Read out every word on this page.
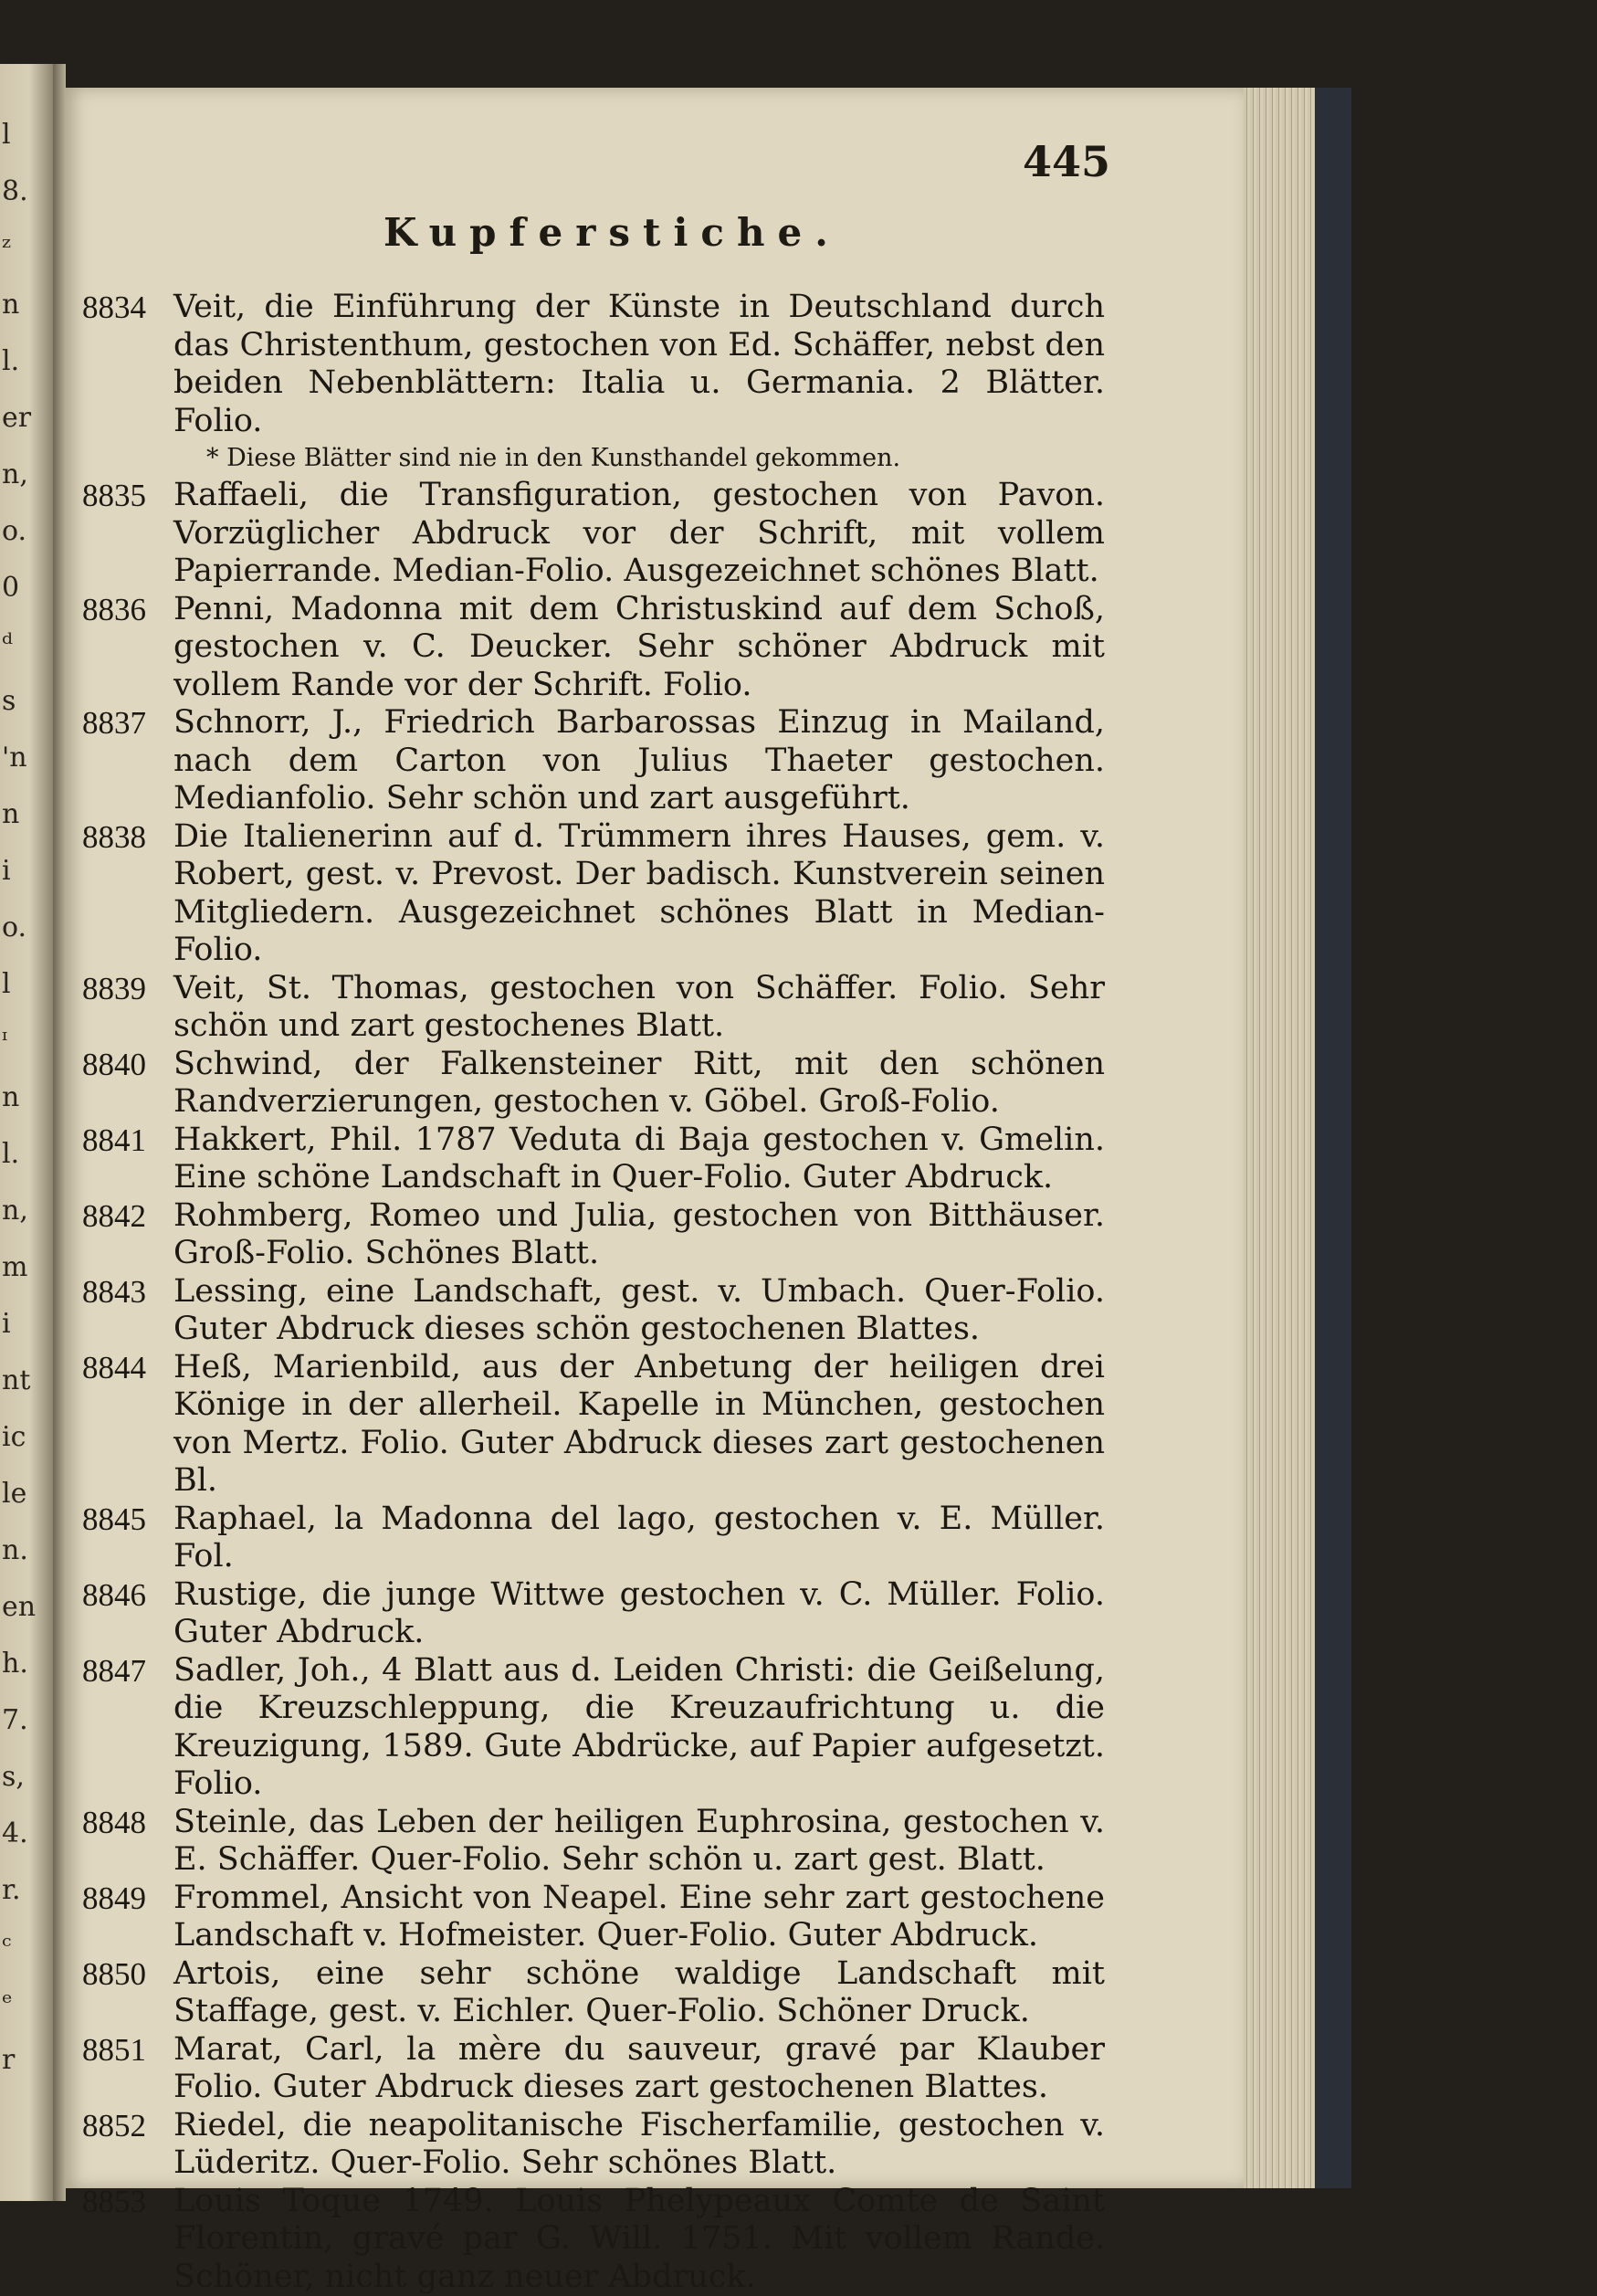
l
8.
ᶻ
n
l.
er
n,
o.
0
ᵈ
s
'n
n
i
o.
l
ᶦ
n
l.
n,
m
i
nt
ic
le
n.
en
h.
7.
s,
4.
r.
ᶜ
ᵉ
r
445
Kupferstiche.
8834 Veit, die Einführung der Künste in Deutschland durch das Christenthum, gestochen von Ed. Schäffer, nebst den beiden Nebenblättern: Italia u. Germania. 2 Blätter. Folio.
* Diese Blätter sind nie in den Kunsthandel gekommen.
8835 Raffaeli, die Transfiguration, gestochen von Pavon. Vorzüglicher Abdruck vor der Schrift, mit vollem Papierrande. Median-Folio. Ausgezeichnet schönes Blatt.
8836 Penni, Madonna mit dem Christuskind auf dem Schoß, gestochen v. C. Deucker. Sehr schöner Abdruck mit vollem Rande vor der Schrift. Folio.
8837 Schnorr, J., Friedrich Barbarossas Einzug in Mailand, nach dem Carton von Julius Thaeter gestochen. Medianfolio. Sehr schön und zart ausgeführt.
8838 Die Italienerinn auf d. Trümmern ihres Hauses, gem. v. Robert, gest. v. Prevost. Der badisch. Kunstverein seinen Mitgliedern. Ausgezeichnet schönes Blatt in Median-Folio.
8839 Veit, St. Thomas, gestochen von Schäffer. Folio. Sehr schön und zart gestochenes Blatt.
8840 Schwind, der Falkensteiner Ritt, mit den schönen Randverzierungen, gestochen v. Göbel. Groß-Folio.
8841 Hakkert, Phil. 1787 Veduta di Baja gestochen v. Gmelin. Eine schöne Landschaft in Quer-Folio. Guter Abdruck.
8842 Rohmberg, Romeo und Julia, gestochen von Bitthäuser. Groß-Folio. Schönes Blatt.
8843 Lessing, eine Landschaft, gest. v. Umbach. Quer-Folio. Guter Abdruck dieses schön gestochenen Blattes.
8844 Heß, Marienbild, aus der Anbetung der heiligen drei Könige in der allerheil. Kapelle in München, gestochen von Mertz. Folio. Guter Abdruck dieses zart gestochenen Bl.
8845 Raphael, la Madonna del lago, gestochen v. E. Müller. Fol.
8846 Rustige, die junge Wittwe gestochen v. C. Müller. Folio. Guter Abdruck.
8847 Sadler, Joh., 4 Blatt aus d. Leiden Christi: die Geißelung, die Kreuzschleppung, die Kreuzaufrichtung u. die Kreuzigung, 1589. Gute Abdrücke, auf Papier aufgesetzt. Folio.
8848 Steinle, das Leben der heiligen Euphrosina, gestochen v. E. Schäffer. Quer-Folio. Sehr schön u. zart gest. Blatt.
8849 Frommel, Ansicht von Neapel. Eine sehr zart gestochene Landschaft v. Hofmeister. Quer-Folio. Guter Abdruck.
8850 Artois, eine sehr schöne waldige Landschaft mit Staffage, gest. v. Eichler. Quer-Folio. Schöner Druck.
8851 Marat, Carl, la mère du sauveur, gravé par Klauber Folio. Guter Abdruck dieses zart gestochenen Blattes.
8852 Riedel, die neapolitanische Fischerfamilie, gestochen v. Lüderitz. Quer-Folio. Sehr schönes Blatt.
8853 Louis Toque 1749. Louis Phelypeaux Comte de Saint Florentin, gravé par G. Will. 1751. Mit vollem Rande. Schöner, nicht ganz neuer Abdruck.
